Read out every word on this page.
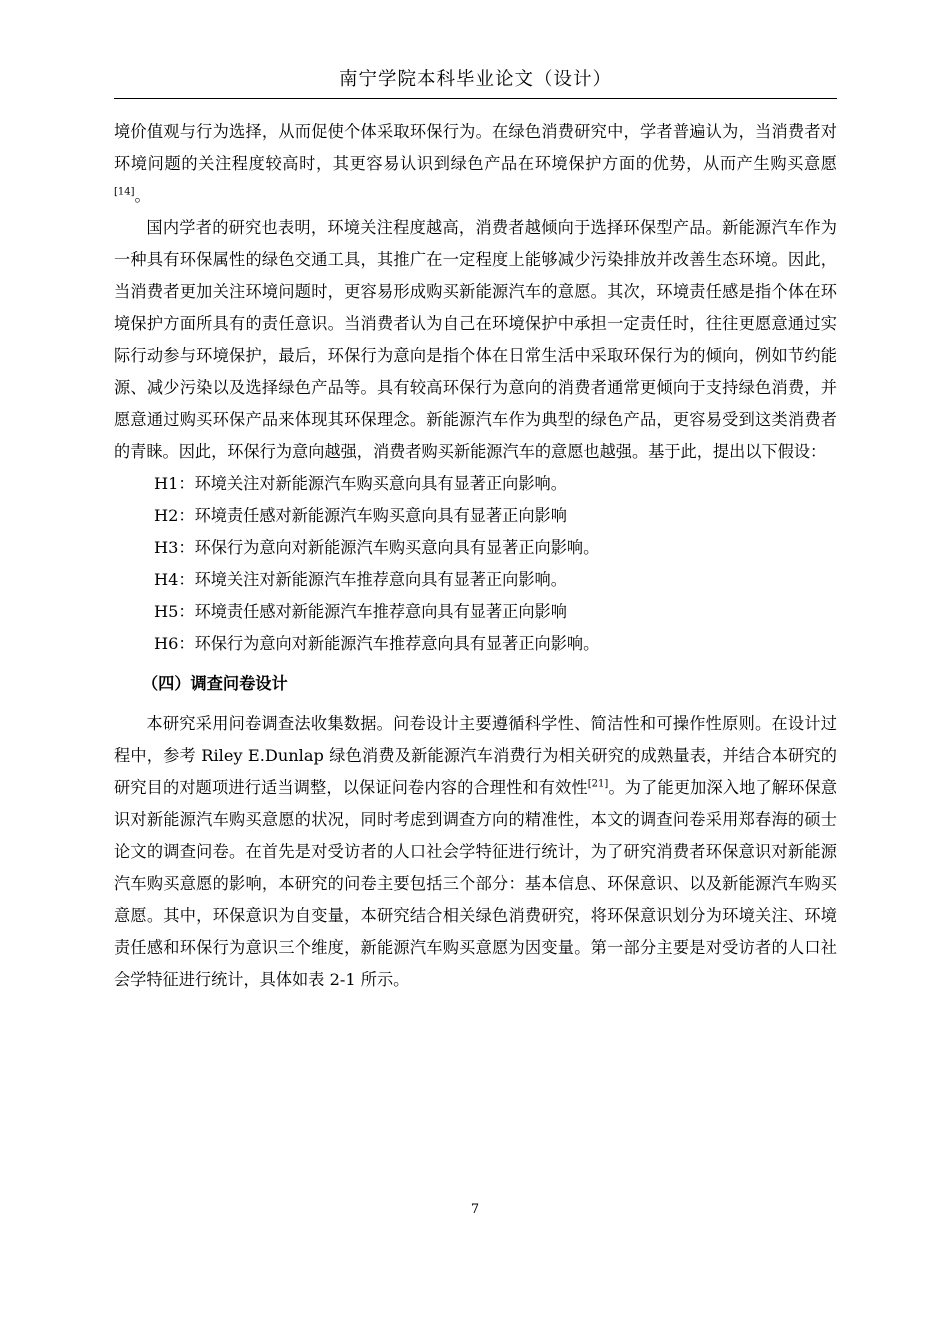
南宁学院本科毕业论文（设计）

境价值观与行为选择，从而促使个体采取环保行为。在绿色消费研究中，学者普遍认为，当消费者对环境问题的关注程度较高时，其更容易认识到绿色产品在环境保护方面的优势，从而产生购买意愿[14]。

国内学者的研究也表明，环境关注程度越高，消费者越倾向于选择环保型产品。新能源汽车作为一种具有环保属性的绿色交通工具，其推广在一定程度上能够减少污染排放并改善生态环境。因此，当消费者更加关注环境问题时，更容易形成购买新能源汽车的意愿。其次，环境责任感是指个体在环境保护方面所具有的责任意识。当消费者认为自己在环境保护中承担一定责任时，往往更愿意通过实际行动参与环境保护，最后，环保行为意向是指个体在日常生活中采取环保行为的倾向，例如节约能源、减少污染以及选择绿色产品等。具有较高环保行为意向的消费者通常更倾向于支持绿色消费，并愿意通过购买环保产品来体现其环保理念。新能源汽车作为典型的绿色产品，更容易受到这类消费者的青睐。因此，环保行为意向越强，消费者购买新能源汽车的意愿也越强。基于此，提出以下假设：

H1：环境关注对新能源汽车购买意向具有显著正向影响。

H2：环境责任感对新能源汽车购买意向具有显著正向影响

H3：环保行为意向对新能源汽车购买意向具有显著正向影响。

H4：环境关注对新能源汽车推荐意向具有显著正向影响。

H5：环境责任感对新能源汽车推荐意向具有显著正向影响

H6：环保行为意向对新能源汽车推荐意向具有显著正向影响。

（四）调查问卷设计

本研究采用问卷调查法收集数据。问卷设计主要遵循科学性、简洁性和可操作性原则。在设计过程中，参考 Riley E.Dunlap 绿色消费及新能源汽车消费行为相关研究的成熟量表，并结合本研究的研究目的对题项进行适当调整，以保证问卷内容的合理性和有效性[21]。为了能更加深入地了解环保意识对新能源汽车购买意愿的状况，同时考虑到调查方向的精准性，本文的调查问卷采用郑春海的硕士论文的调查问卷。在首先是对受访者的人口社会学特征进行统计，为了研究消费者环保意识对新能源汽车购买意愿的影响，本研究的问卷主要包括三个部分：基本信息、环保意识、以及新能源汽车购买意愿。其中，环保意识为自变量，本研究结合相关绿色消费研究，将环保意识划分为环境关注、环境责任感和环保行为意识三个维度，新能源汽车购买意愿为因变量。第一部分主要是对受访者的人口社会学特征进行统计，具体如表 2-1 所示。

7
